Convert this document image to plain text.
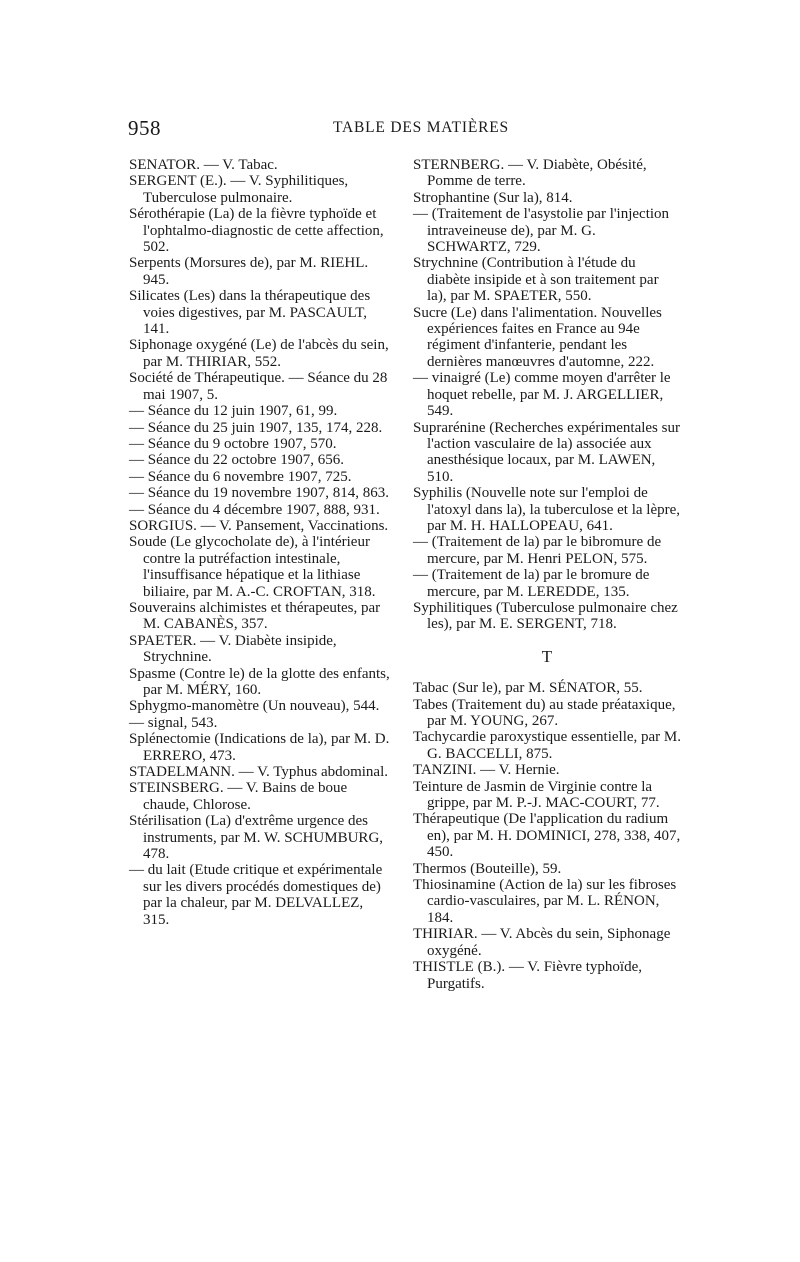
958	TABLE DES MATIÈRES
SENATOR. — V. Tabac.
SERGENT (E.). — V. Syphilitiques, Tuberculose pulmonaire.
Sérothérapie (La) de la fièvre typhoïde et l'ophtalmo-diagnostic de cette affection, 502.
Serpents (Morsures de), par M. RIEHL. 945.
Silicates (Les) dans la thérapeutique des voies digestives, par M. PASCAULT, 141.
Siphonage oxygéné (Le) de l'abcès du sein, par M. THIRIAR, 552.
Société de Thérapeutique. — Séance du 28 mai 1907, 5.
— Séance du 12 juin 1907, 61, 99.
— Séance du 25 juin 1907, 135, 174, 228.
— Séance du 9 octobre 1907, 570.
— Séance du 22 octobre 1907, 656.
— Séance du 6 novembre 1907, 725.
— Séance du 19 novembre 1907, 814, 863.
— Séance du 4 décembre 1907, 888, 931.
SORGIUS. — V. Pansement, Vaccinations.
Soude (Le glycocholate de), à l'intérieur contre la putréfaction intestinale, l'insuffisance hépatique et la lithiase biliaire, par M. A.-C. CROFTAN, 318.
Souverains alchimistes et thérapeutes, par M. CABANÈS, 357.
SPAETER. — V. Diabète insipide, Strychnine.
Spasme (Contre le) de la glotte des enfants, par M. MÉRY, 160.
Sphygmo-manomètre (Un nouveau), 544.
— signal, 543.
Splénectomie (Indications de la), par M. D. ERRERO, 473.
STADELMANN. — V. Typhus abdominal.
STEINSBERG. — V. Bains de boue chaude, Chlorose.
Stérilisation (La) d'extrême urgence des instruments, par M. W. SCHUMBURG, 478.
— du lait (Etude critique et expérimentale sur les divers procédés domestiques de) par la chaleur, par M. DELVALLEZ, 315.
STERNBERG. — V. Diabète, Obésité, Pomme de terre.
Strophantine (Sur la), 814.
— (Traitement de l'asystolie par l'injection intraveineuse de), par M. G. SCHWARTZ, 729.
Strychnine (Contribution à l'étude du diabète insipide et à son traitement par la), par M. SPAETER, 550.
Sucre (Le) dans l'alimentation. Nouvelles expériences faites en France au 94e régiment d'infanterie, pendant les dernières manœuvres d'automne, 222.
— vinaigré (Le) comme moyen d'arrêter le hoquet rebelle, par M. J. ARGELLIER, 549.
Suprarénine (Recherches expérimentales sur l'action vasculaire de la) associée aux anesthésique locaux, par M. LAWEN, 510.
Syphilis (Nouvelle note sur l'emploi de l'atoxyl dans la), la tuberculose et la lèpre, par M. H. HALLOPEAU, 641.
— (Traitement de la) par le bibromure de mercure, par M. Henri PELON, 575.
— (Traitement de la) par le bromure de mercure, par M. LEREDDE, 135.
Syphilitiques (Tuberculose pulmonaire chez les), par M. E. SERGENT, 718.
T
Tabac (Sur le), par M. SÉNATOR, 55.
Tabes (Traitement du) au stade préataxique, par M. YOUNG, 267.
Tachycardie paroxystique essentielle, par M. G. BACCELLI, 875.
TANZINI. — V. Hernie.
Teinture de Jasmin de Virginie contre la grippe, par M. P.-J. MAC-COURT, 77.
Thérapeutique (De l'application du radium en), par M. H. DOMINICI, 278, 338, 407, 450.
Thermos (Bouteille), 59.
Thiosinamine (Action de la) sur les fibroses cardio-vasculaires, par M. L. RÉNON, 184.
THIRIAR. — V. Abcès du sein, Siphonage oxygéné.
THISTLE (B.). — V. Fièvre typhoïde, Purgatifs.
